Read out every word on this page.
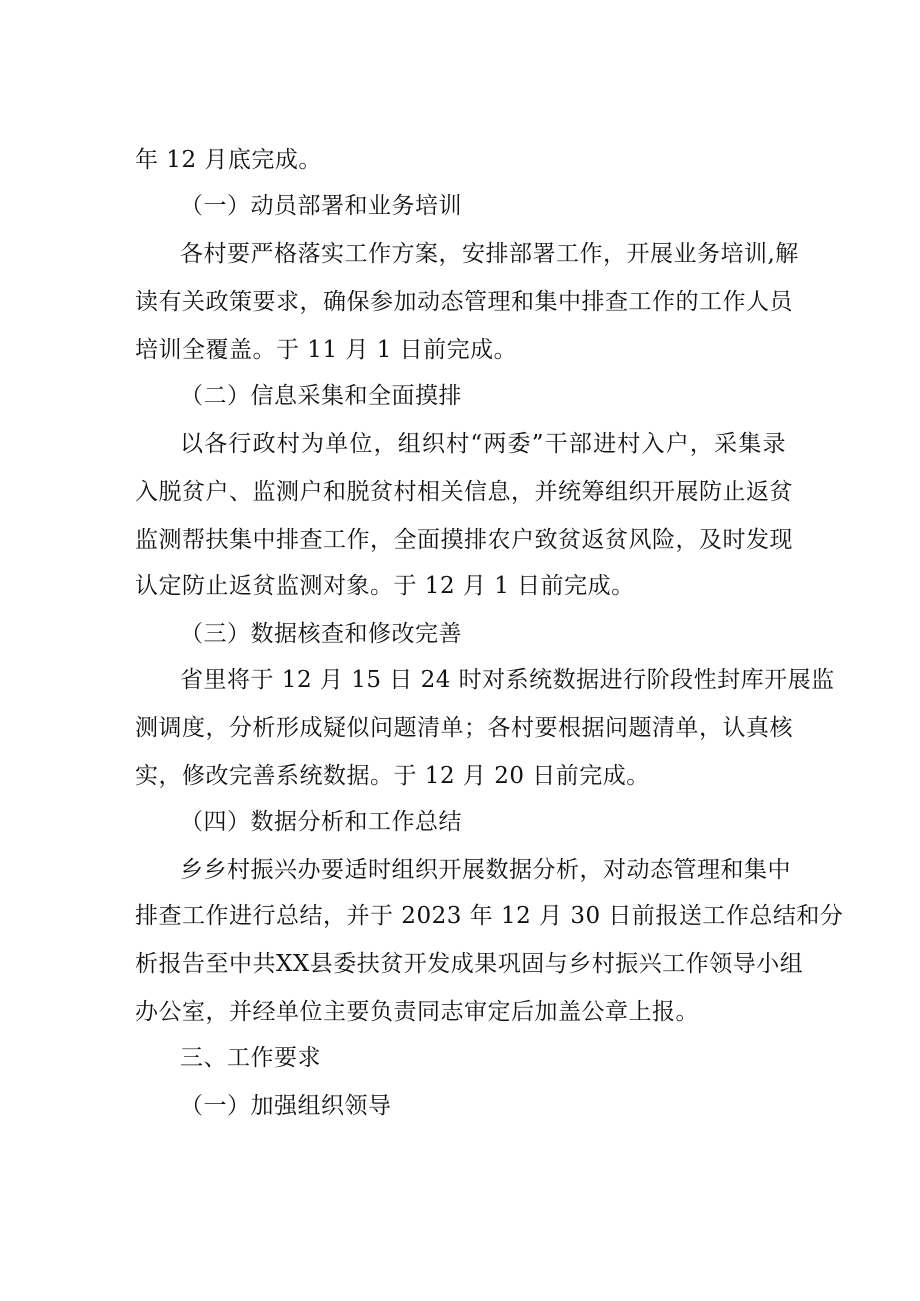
年 12 月底完成。
（一）动员部署和业务培训
各村要严格落实工作方案，安排部署工作，开展业务培训,解
读有关政策要求，确保参加动态管理和集中排查工作的工作人员
培训全覆盖。于 11 月 1 日前完成。
（二）信息采集和全面摸排
以各行政村为单位，组织村“两委”干部进村入户，采集录
入脱贫户、监测户和脱贫村相关信息，并统筹组织开展防止返贫
监测帮扶集中排查工作，全面摸排农户致贫返贫风险，及时发现
认定防止返贫监测对象。于 12 月 1 日前完成。
（三）数据核查和修改完善
省里将于 12 月 15 日 24 时对系统数据进行阶段性封库开展监
测调度，分析形成疑似问题清单；各村要根据问题清单，认真核
实，修改完善系统数据。于 12 月 20 日前完成。
（四）数据分析和工作总结
乡乡村振兴办要适时组织开展数据分析，对动态管理和集中
排查工作进行总结，并于 2023 年 12 月 30 日前报送工作总结和分
析报告至中共XX县委扶贫开发成果巩固与乡村振兴工作领导小组
办公室，并经单位主要负责同志审定后加盖公章上报。
三、工作要求
（一）加强组织领导
